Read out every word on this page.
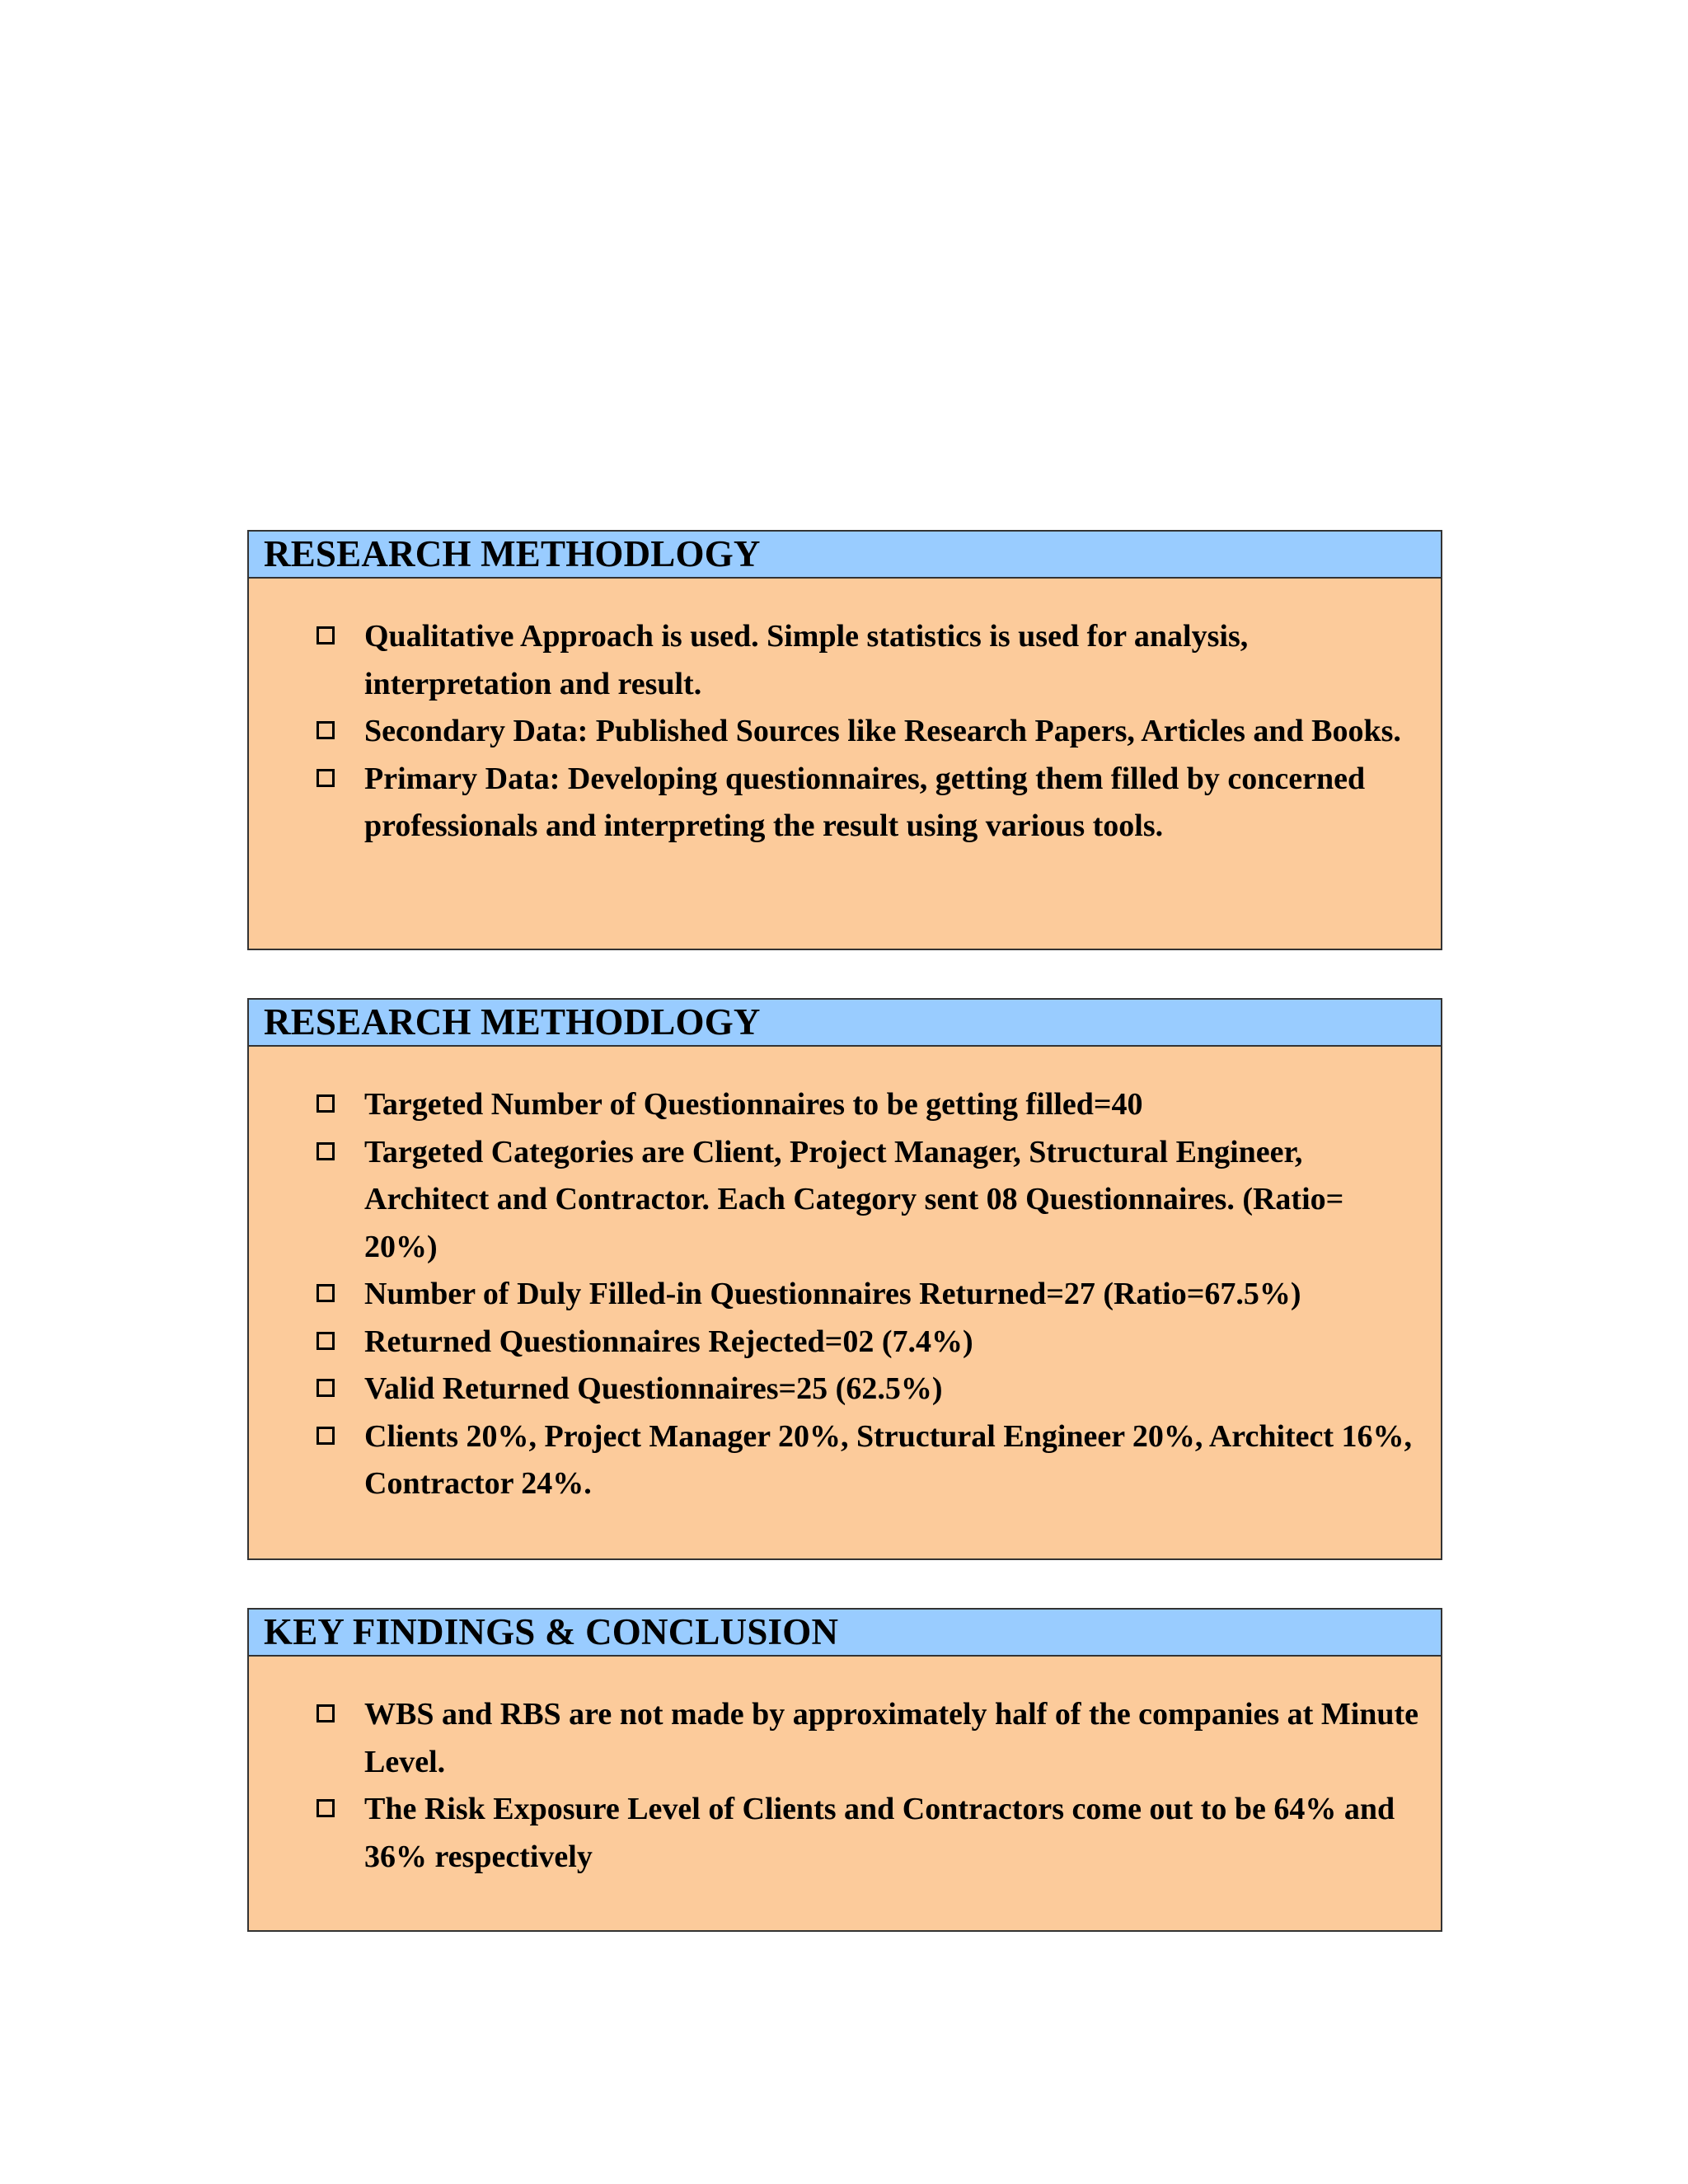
RESEARCH METHODLOGY
Qualitative Approach is used. Simple statistics is used for analysis, interpretation and result.
Secondary Data: Published Sources like Research Papers, Articles and Books.
Primary Data: Developing questionnaires, getting them filled by concerned professionals and interpreting the result using various tools.
RESEARCH METHODLOGY
Targeted Number of Questionnaires to be getting filled=40
Targeted Categories are Client, Project Manager, Structural Engineer, Architect and Contractor. Each Category sent 08 Questionnaires. (Ratio= 20%)
Number of Duly Filled-in Questionnaires Returned=27 (Ratio=67.5%)
Returned Questionnaires Rejected=02 (7.4%)
Valid Returned Questionnaires=25 (62.5%)
Clients 20%, Project Manager 20%, Structural Engineer 20%, Architect 16%, Contractor 24%.
KEY FINDINGS & CONCLUSION
WBS and RBS are not made by approximately half of the companies at Minute Level.
The Risk Exposure Level of Clients and Contractors come out to be 64% and 36% respectively
